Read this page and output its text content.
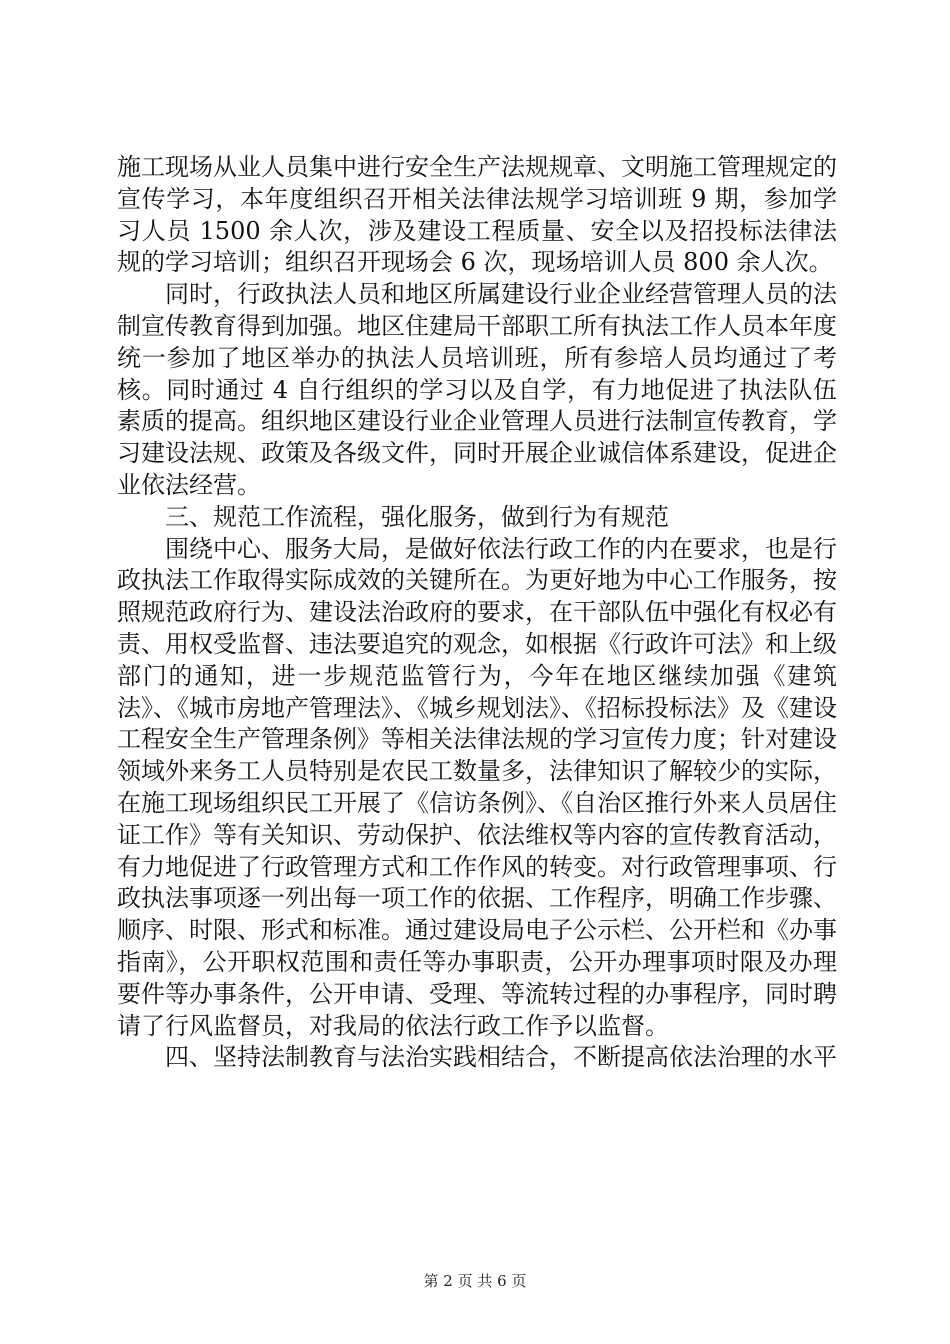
施工现场从业人员集中进行安全生产法规规章、文明施工管理规定的宣传学习，本年度组织召开相关法律法规学习培训班 9 期，参加学习人员 1500 余人次，涉及建设工程质量、安全以及招投标法律法规的学习培训；组织召开现场会 6 次，现场培训人员 800 余人次。

同时，行政执法人员和地区所属建设行业企业经营管理人员的法制宣传教育得到加强。地区住建局干部职工所有执法工作人员本年度统一参加了地区举办的执法人员培训班，所有参培人员均通过了考核。同时通过 4 自行组织的学习以及自学，有力地促进了执法队伍素质的提高。组织地区建设行业企业管理人员进行法制宣传教育，学习建设法规、政策及各级文件，同时开展企业诚信体系建设，促进企业依法经营。

三、规范工作流程，强化服务，做到行为有规范

围绕中心、服务大局，是做好依法行政工作的内在要求，也是行政执法工作取得实际成效的关键所在。为更好地为中心工作服务，按照规范政府行为、建设法治政府的要求，在干部队伍中强化有权必有责、用权受监督、违法要追究的观念，如根据《行政许可法》和上级部门的通知，进一步规范监管行为，今年在地区继续加强《建筑法》、《城市房地产管理法》、《城乡规划法》、《招标投标法》及《建设工程安全生产管理条例》等相关法律法规的学习宣传力度；针对建设领域外来务工人员特别是农民工数量多，法律知识了解较少的实际，在施工现场组织民工开展了《信访条例》、《自治区推行外来人员居住证工作》等有关知识、劳动保护、依法维权等内容的宣传教育活动，有力地促进了行政管理方式和工作作风的转变。对行政管理事项、行政执法事项逐一列出每一项工作的依据、工作程序，明确工作步骤、顺序、时限、形式和标准。通过建设局电子公示栏、公开栏和《办事指南》，公开职权范围和责任等办事职责，公开办理事项时限及办理要件等办事条件，公开申请、受理、等流转过程的办事程序，同时聘请了行风监督员，对我局的依法行政工作予以监督。

四、坚持法制教育与法治实践相结合，不断提高依法治理的水平

第 2 页 共 6 页
